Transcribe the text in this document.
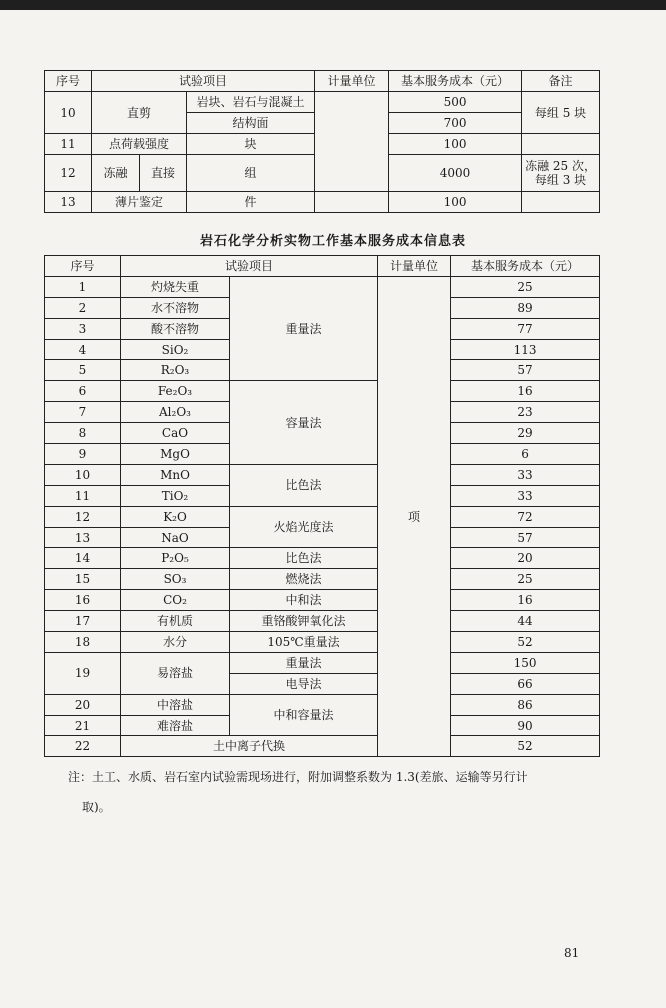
序号	试验项目			计量单位	基本服务成本（元）	备注
10	直剪		岩块、岩石与混凝土		500	每组 5 块
			结构面		700	
11	点荷载强度		块		100	
12	冻融	直接	组		4000	冻融 25 次，每组 3 块
13	薄片鉴定		件		100	
岩石化学分析实物工作基本服务成本信息表
序号	试验项目		计量单位	基本服务成本（元）
1	灼烧失重	重量法	项	25
2	水不溶物			89
3	酸不溶物			77
4	SiO₂			113
5	R₂O₃			57
6	Fe₂O₃	容量法		16
7	Al₂O₃			23
8	CaO			29
9	MgO			6
10	MnO	比色法		33
11	TiO₂			33
12	K₂O	火焰光度法		72
13	NaO			57
14	P₂O₅	比色法		20
15	SO₃	燃烧法		25
16	CO₂	中和法		16
17	有机质	重铬酸钾氧化法		44
18	水分	105℃重量法		52
19	易溶盐	重量法		150
		电导法		66
20	中溶盐	中和容量法		86
21	难溶盐			90
22	土中离子代换			52
注：土工、水质、岩石室内试验需现场进行，附加调整系数为 1.3(差旅、运输等另行计
取)。
81
